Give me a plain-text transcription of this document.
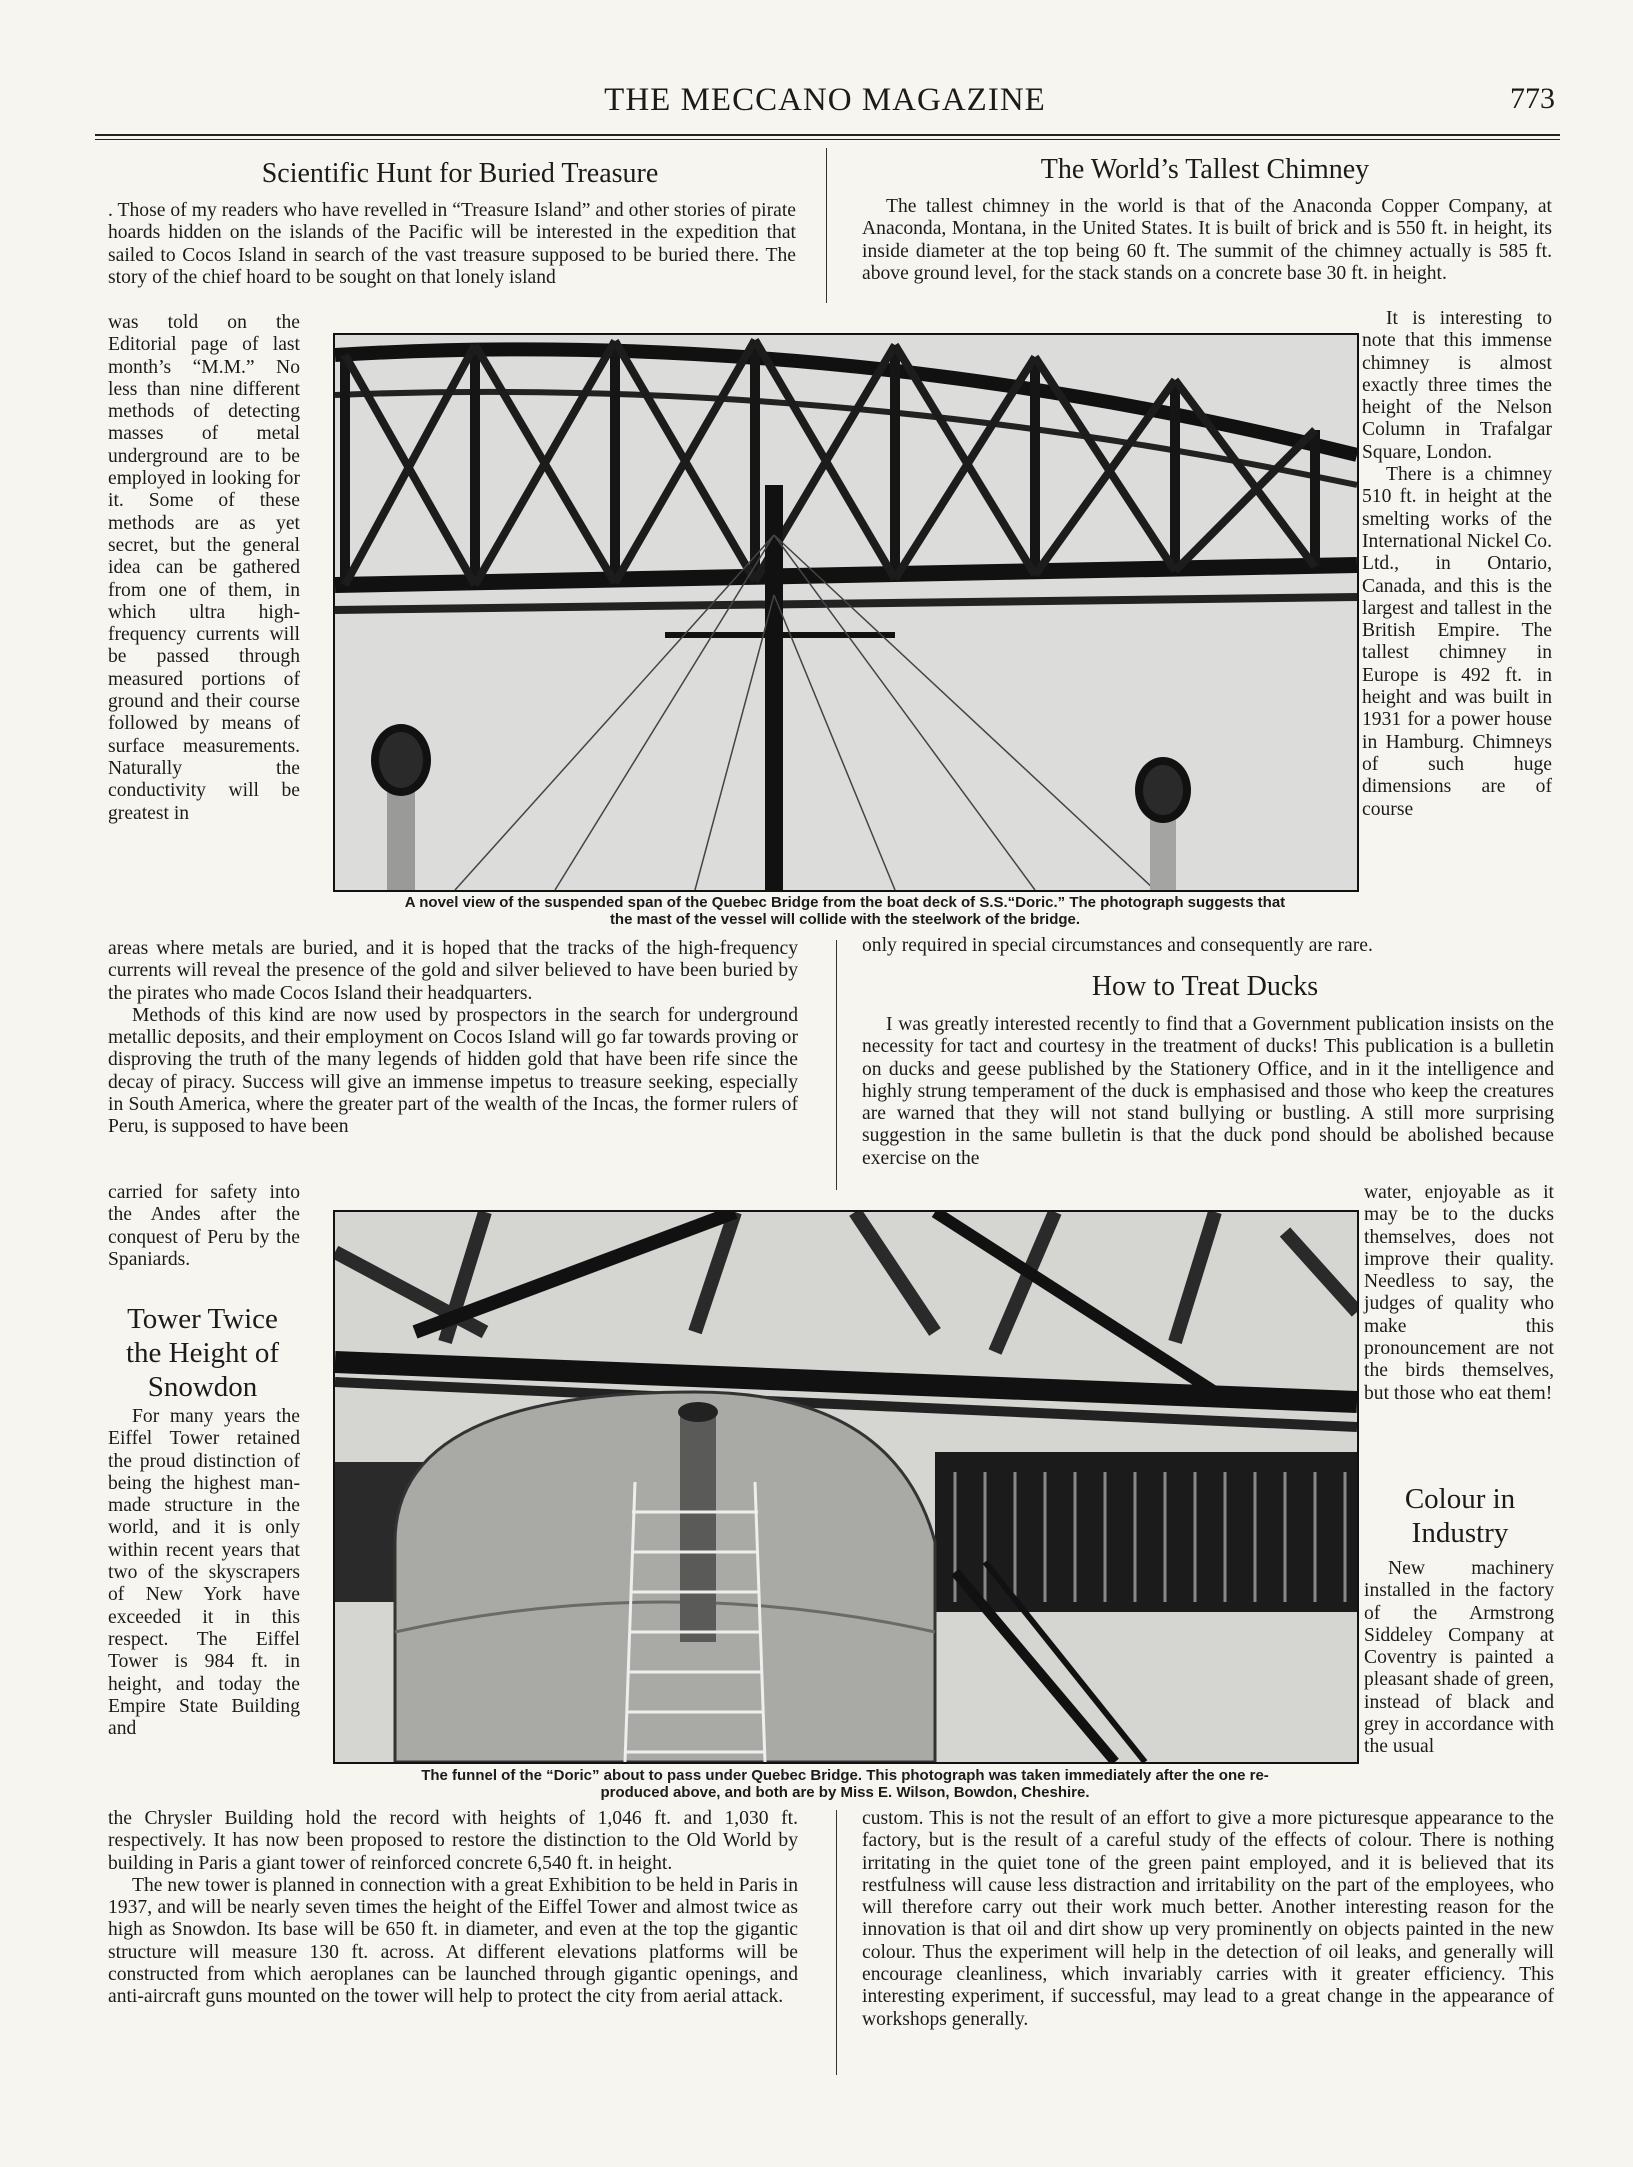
THE MECCANO MAGAZINE	773
Scientific Hunt for Buried Treasure

. Those of my readers who have revelled in “Treasure Island” and other stories of pirate hoards hidden on the islands of the Pacific will be interested in the expedition that sailed to Cocos Island in search of the vast treasure supposed to be buried there. The story of the chief hoard to be sought on that lonely island

was told on the Editorial page of last month’s “M.M.” No less than nine different methods of detecting masses of metal underground are to be employed in looking for it. Some of these methods are as yet secret, but the general idea can be gathered from one of them, in which ultra high-frequency currents will be passed through measured portions of ground and their course followed by means of surface measurements. Naturally the conductivity will be greatest in

areas where metals are buried, and it is hoped that the tracks of the high-frequency currents will reveal the presence of the gold and silver believed to have been buried by the pirates who made Cocos Island their headquarters.

Methods of this kind are now used by prospectors in the search for underground metallic deposits, and their employment on Cocos Island will go far towards proving or disproving the truth of the many legends of hidden gold that have been rife since the decay of piracy. Success will give an immense impetus to treasure seeking, especially in South America, where the greater part of the wealth of the Incas, the former rulers of Peru, is supposed to have been

carried for safety into the Andes after the conquest of Peru by the Spaniards.

The World’s Tallest Chimney

The tallest chimney in the world is that of the Anaconda Copper Company, at Anaconda, Montana, in the United States. It is built of brick and is 550 ft. in height, its inside diameter at the top being 60 ft. The summit of the chimney actually is 585 ft. above ground level, for the stack stands on a concrete base 30 ft. in height.

It is interesting to note that this immense chimney is almost exactly three times the height of the Nelson Column in Trafalgar Square, London.

There is a chimney 510 ft. in height at the smelting works of the International Nickel Co. Ltd., in Ontario, Canada, and this is the largest and tallest in the British Empire. The tallest chimney in Europe is 492 ft. in height and was built in 1931 for a power house in Hamburg. Chimneys of such huge dimensions are of course

only required in special circumstances and consequently are rare.

How to Treat Ducks

I was greatly interested recently to find that a Government publication insists on the necessity for tact and courtesy in the treatment of ducks! This publication is a bulletin on ducks and geese published by the Stationery Office, and in it the intelligence and highly strung temperament of the duck is emphasised and those who keep the creatures are warned that they will not stand bullying or bustling. A still more surprising suggestion in the same bulletin is that the duck pond should be abolished because exercise on the

water, enjoyable as it may be to the ducks themselves, does not improve their quality. Needless to say, the judges of quality who make this pronouncement are not the birds themselves, but those who eat them!

Tower Twice
the Height of
Snowdon

For many years the Eiffel Tower retained the proud distinction of being the highest man-made structure in the world, and it is only within recent years that two of the skyscrapers of New York have exceeded it in this respect. The Eiffel Tower is 984 ft. in height, and today the Empire State Building and

the Chrysler Building hold the record with heights of 1,046 ft. and 1,030 ft. respectively. It has now been proposed to restore the distinction to the Old World by building in Paris a giant tower of reinforced concrete 6,540 ft. in height.

The new tower is planned in connection with a great Exhibition to be held in Paris in 1937, and will be nearly seven times the height of the Eiffel Tower and almost twice as high as Snowdon. Its base will be 650 ft. in diameter, and even at the top the gigantic structure will measure 130 ft. across. At different elevations platforms will be constructed from which aeroplanes can be launched through gigantic openings, and anti-aircraft guns mounted on the tower will help to protect the city from aerial attack.

Colour in
Industry

New machinery installed in the factory of the Armstrong Siddeley Company at Coventry is painted a pleasant shade of green, instead of black and grey in accordance with the usual

custom. This is not the result of an effort to give a more picturesque appearance to the factory, but is the result of a careful study of the effects of colour. There is nothing irritating in the quiet tone of the green paint employed, and it is believed that its restfulness will cause less distraction and irritability on the part of the employees, who will therefore carry out their work much better. Another interesting reason for the innovation is that oil and dirt show up very prominently on objects painted in the new colour. Thus the experiment will help in the detection of oil leaks, and generally will encourage cleanliness, which invariably carries with it greater efficiency. This interesting experiment, if successful, may lead to a great change in the appearance of workshops generally.

A novel view of the suspended span of the Quebec Bridge from the boat deck of S.S.“Doric.” The photograph suggests that
the mast of the vessel will collide with the steelwork of the bridge.
The funnel of the “Doric” about to pass under Quebec Bridge. This photograph was taken immediately after the one re-
produced above, and both are by Miss E. Wilson, Bowdon, Cheshire.
